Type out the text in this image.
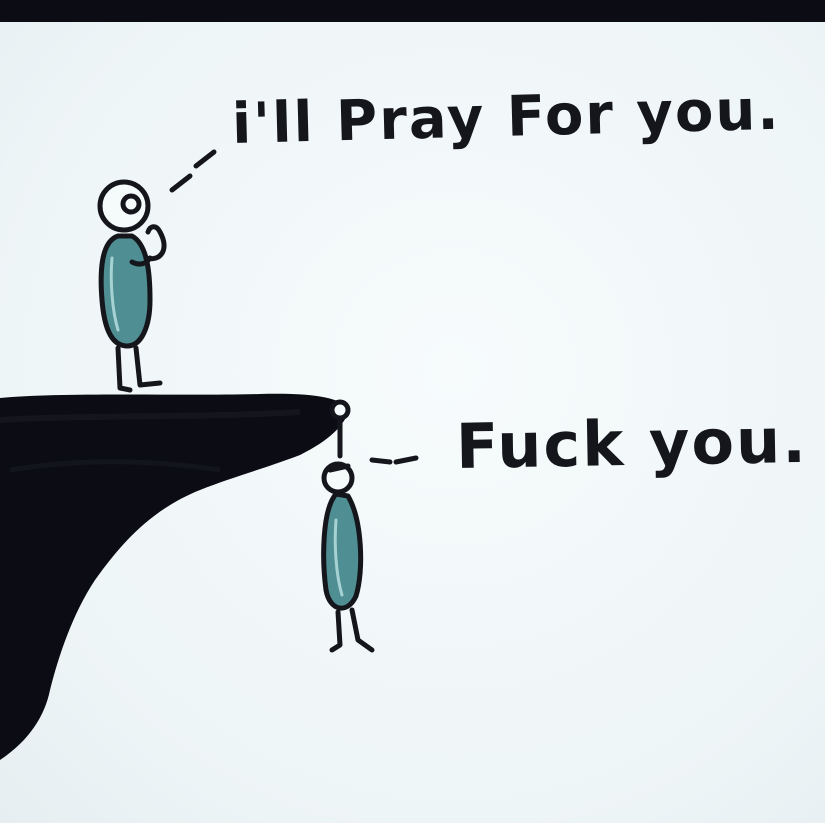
i'll Pray For you.
Fuck you.
